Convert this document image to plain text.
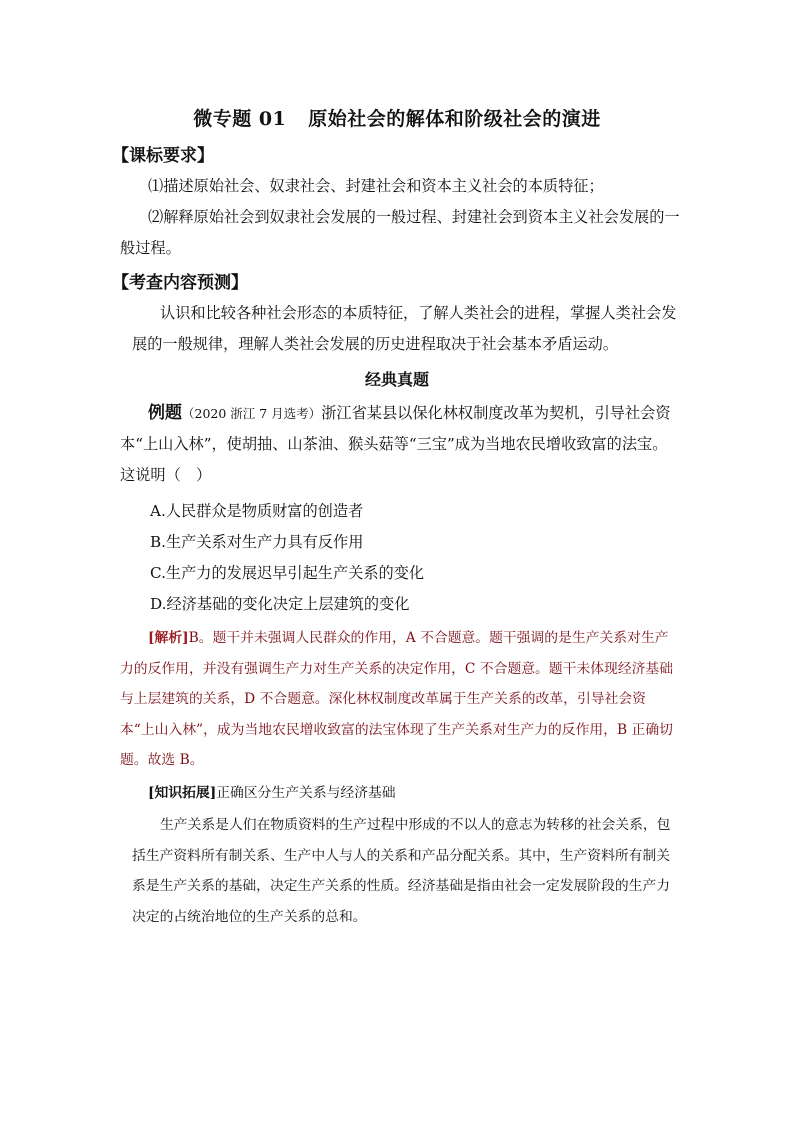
微专题 01 原始社会的解体和阶级社会的演进
【课标要求】
⑴描述原始社会、奴隶社会、封建社会和资本主义社会的本质特征；
⑵解释原始社会到奴隶社会发展的一般过程、封建社会到资本主义社会发展的一般过程。
【考查内容预测】
认识和比较各种社会形态的本质特征，了解人类社会的进程，掌握人类社会发展的一般规律，理解人类社会发展的历史进程取决于社会基本矛盾运动。
经典真题
例题（2020 浙江 7 月选考）浙江省某县以保化林权制度改革为契机，引导社会资本“上山入林”，使胡抽、山茶油、猴头菇等“三宝”成为当地农民增收致富的法宝。这说明（　）
A.人民群众是物质财富的创造者
B.生产关系对生产力具有反作用
C.生产力的发展迟早引起生产关系的变化
D.经济基础的变化决定上层建筑的变化
[解析]B。题干并未强调人民群众的作用，A 不合题意。题干强调的是生产关系对生产力的反作用，并没有强调生产力对生产关系的决定作用，C 不合题意。题干未体现经济基础与上层建筑的关系，D 不合题意。深化林权制度改革属于生产关系的改革，引导社会资本“上山入林”，成为当地农民增收致富的法宝体现了生产关系对生产力的反作用，B 正确切题。故选 B。
[知识拓展]正确区分生产关系与经济基础
生产关系是人们在物质资料的生产过程中形成的不以人的意志为转移的社会关系，包括生产资料所有制关系、生产中人与人的关系和产品分配关系。其中，生产资料所有制关系是生产关系的基础，决定生产关系的性质。经济基础是指由社会一定发展阶段的生产力决定的占统治地位的生产关系的总和。
